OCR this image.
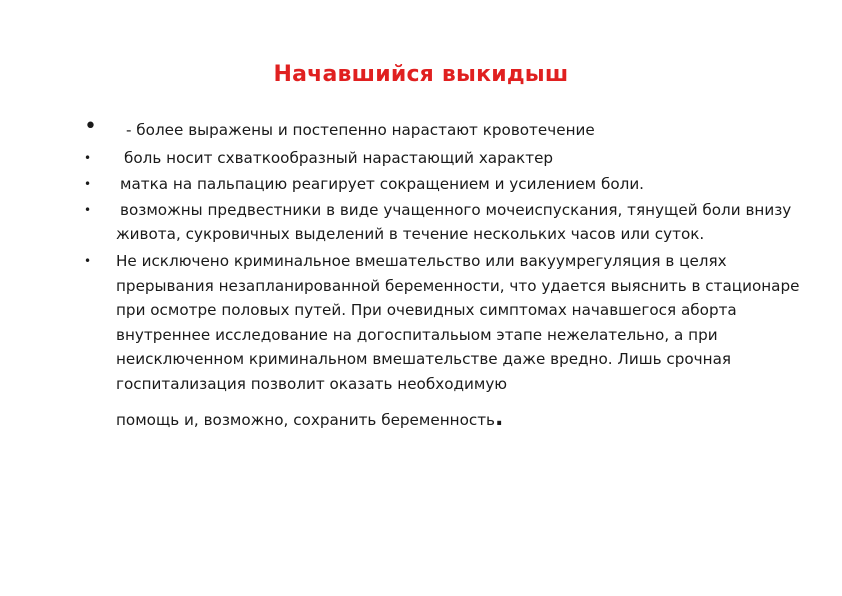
Начавшийся выкидыш
• - более выражены и постепенно нарастают кровотечение
•	боль носит схваткообразный нарастающий характер
•	матка на пальпацию реагирует сокращением и усилением боли.
•	возможны предвестники в виде учащенного мочеиспускания, тянущей боли внизу живота, сукровичных выделений в течение нескольких часов или суток.
•	Не исключено криминальное вмешательство или вакуумрегуляция в целях прерывания незапланированной беременности, что удается выяснить в стационаре при осмотре половых путей. При очевидных симптомах начавшегося аборта внутреннее исследование на догоспитальыом этапе нежелательно, а при неисключенном криминальном вмешательстве даже вредно. Лишь срочная госпитализация позволит оказать необходимую
помощь и, возможно, сохранить беременность.
